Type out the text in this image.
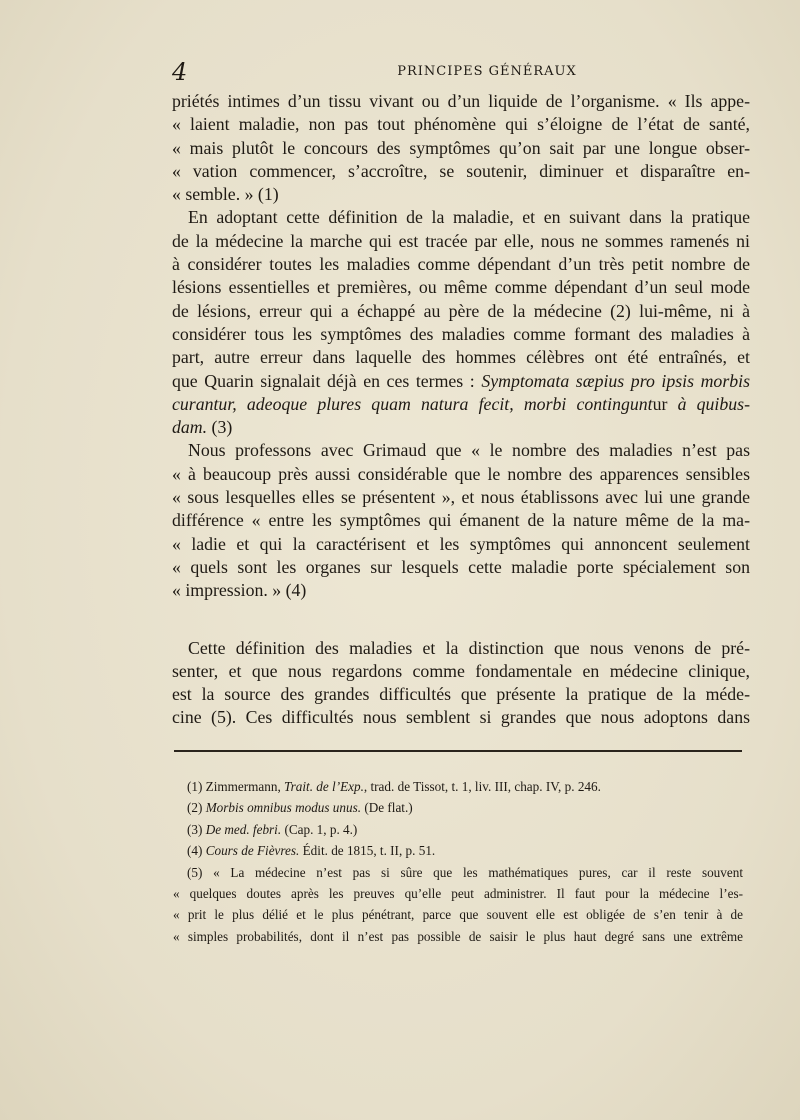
4	PRINCIPES GÉNÉRAUX
priétés intimes d’un tissu vivant ou d’un liquide de l’organisme. « Ils appe-
« laient maladie, non pas tout phénomène qui s’éloigne de l’état de santé,
« mais plutôt le concours des symptômes qu’on sait par une longue obser-
« vation commencer, s’accroître, se soutenir, diminuer et disparaître en-
« semble. » (1)
En adoptant cette définition de la maladie, et en suivant dans la pratique
de la médecine la marche qui est tracée par elle, nous ne sommes ramenés ni
à considérer toutes les maladies comme dépendant d’un très petit nombre de
lésions essentielles et premières, ou même comme dépendant d’un seul mode
de lésions, erreur qui a échappé au père de la médecine (2) lui-même, ni à
considérer tous les symptômes des maladies comme formant des maladies à
part, autre erreur dans laquelle des hommes célèbres ont été entraînés, et
que Quarin signalait déjà en ces termes : Symptomata sæpius pro ipsis morbis
curantur, adeoque plures quam natura fecit, morbi continguntur à quibus-
dam. (3)
Nous professons avec Grimaud que « le nombre des maladies n’est pas
« à beaucoup près aussi considérable que le nombre des apparences sensibles
« sous lesquelles elles se présentent », et nous établissons avec lui une grande
différence « entre les symptômes qui émanent de la nature même de la ma-
« ladie et qui la caractérisent et les symptômes qui annoncent seulement
« quels sont les organes sur lesquels cette maladie porte spécialement son
« impression. » (4)
Cette définition des maladies et la distinction que nous venons de pré-
senter, et que nous regardons comme fondamentale en médecine clinique,
est la source des grandes difficultés que présente la pratique de la méde-
cine (5). Ces difficultés nous semblent si grandes que nous adoptons dans
(1) Zimmermann, Trait. de l’Exp., trad. de Tissot, t. 1, liv. III, chap. IV, p. 246.
(2) Morbis omnibus modus unus. (De flat.)
(3) De med. febri. (Cap. 1, p. 4.)
(4) Cours de Fièvres. Édit. de 1815, t. II, p. 51.
(5) « La médecine n’est pas si sûre que les mathématiques pures, car il reste souvent
« quelques doutes après les preuves qu’elle peut administrer. Il faut pour la médecine l’es-
« prit le plus délié et le plus pénétrant, parce que souvent elle est obligée de s’en tenir à de
« simples probabilités, dont il n’est pas possible de saisir le plus haut degré sans une extrême
